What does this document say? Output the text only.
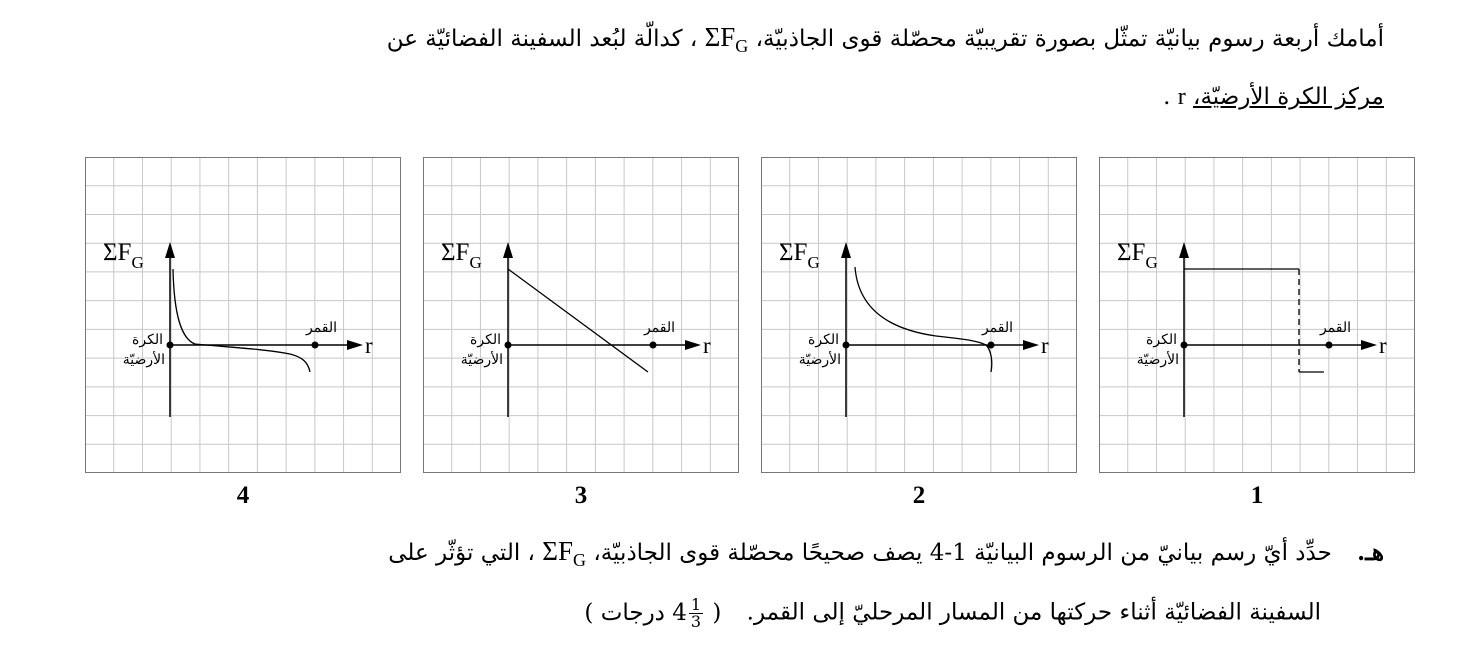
أمامك أربعة رسوم بيانيّة تمثّل بصورة تقريبيّة محصّلة قوى الجاذبيّة، $\Sigma F_G$ ، كدالّة لبُعد السفينة الفضائيّة عن
مركز الكرة الأرضيّة، r .
$\Sigma F_G$
r
الكرة
الأرضيّة
القمر
$\Sigma F_G$
r
الكرة
الأرضيّة
القمر
$\Sigma F_G$
r
الكرة
الأرضيّة
القمر
$\Sigma F_G$
r
الكرة
الأرضيّة
القمر
4	3	2	1
هـ. حدِّد أيّ رسم بيانيّ من الرسوم البيانيّة 1-4 يصف صحيحًا محصّلة قوى الجاذبيّة، $\Sigma F_G$ ، التي تؤثّر على
السفينة الفضائيّة أثناء حركتها من المسار المرحليّ إلى القمر. ( $4 \frac{1}{3}$
درجات )
